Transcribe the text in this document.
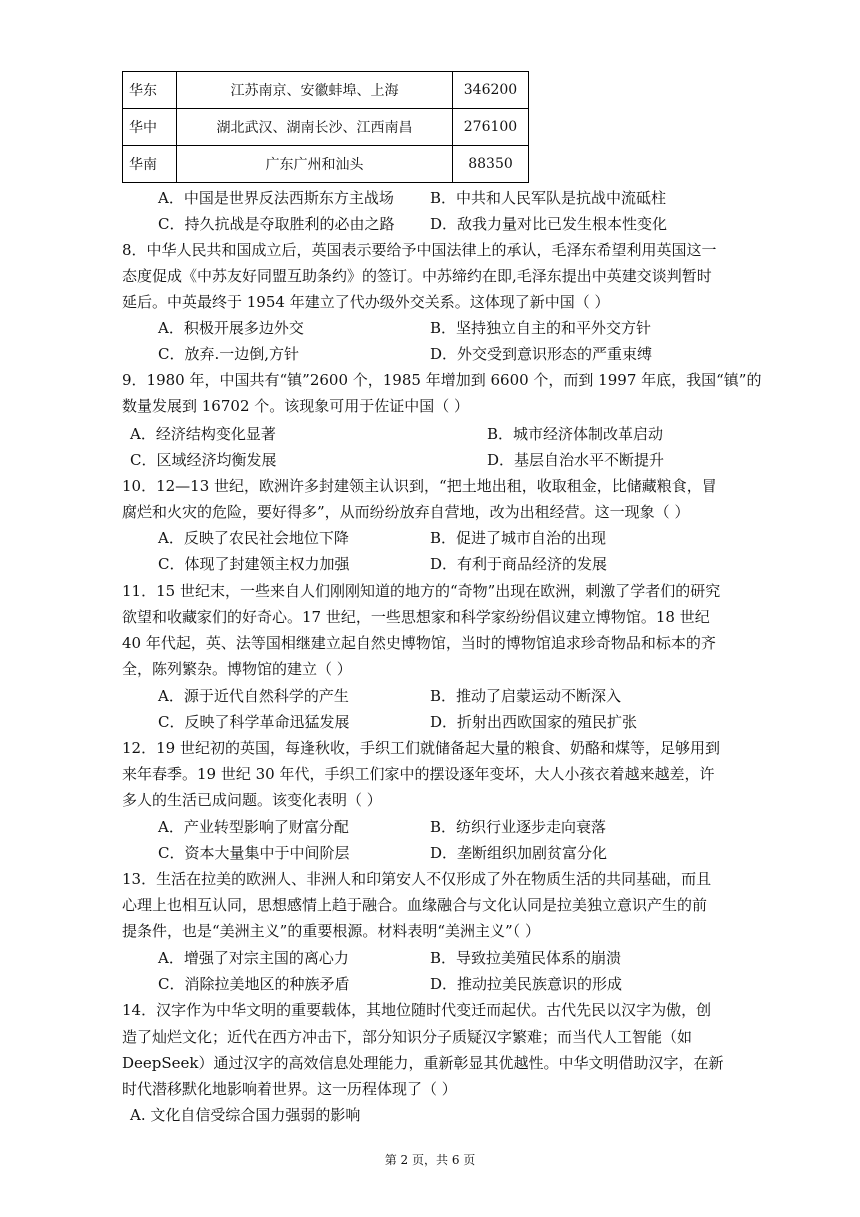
华东	江苏南京、安徽蚌埠、上海	346200
华中	湖北武汉、湖南长沙、江西南昌	276100
华南	广东广州和汕头	88350
A．中国是世界反法西斯东方主战场 B．中共和人民军队是抗战中流砥柱
C．持久抗战是夺取胜利的必由之路 D．敌我力量对比已发生根本性变化
8．中华人民共和国成立后，英国表示要给予中国法律上的承认，毛泽东希望利用英国这一
态度促成《中苏友好同盟互助条约》的签订。中苏缔约在即,毛泽东提出中英建交谈判暂时
延后。中英最终于 1954 年建立了代办级外交关系。这体现了新中国（ ）
A．积极开展多边外交	B．坚持独立自主的和平外交方针
C．放弃.一边倒,方针	D．外交受到意识形态的严重束缚
9．1980 年，中国共有“镇”2600 个，1985 年增加到 6600 个，而到 1997 年底，我国“镇”的
数量发展到 16702 个。该现象可用于佐证中国（ ）
A．经济结构变化显著	B．城市经济体制改革启动
C．区域经济均衡发展	D．基层自治水平不断提升
10．12—13 世纪，欧洲许多封建领主认识到，“把土地出租，收取租金，比储藏粮食，冒
腐烂和火灾的危险，要好得多”，从而纷纷放弃自营地，改为出租经营。这一现象（ ）
A．反映了农民社会地位下降	B．促进了城市自治的出现
C．体现了封建领主权力加强	D．有利于商品经济的发展
11．15 世纪末，一些来自人们刚刚知道的地方的“奇物”出现在欧洲，刺激了学者们的研究
欲望和收藏家们的好奇心。17 世纪，一些思想家和科学家纷纷倡议建立博物馆。18 世纪
40 年代起，英、法等国相继建立起自然史博物馆，当时的博物馆追求珍奇物品和标本的齐
全，陈列繁杂。博物馆的建立（ ）
A．源于近代自然科学的产生	B．推动了启蒙运动不断深入
C．反映了科学革命迅猛发展	D．折射出西欧国家的殖民扩张
12．19 世纪初的英国，每逢秋收，手织工们就储备起大量的粮食、奶酪和煤等，足够用到
来年春季。19 世纪 30 年代，手织工们家中的摆设逐年变坏，大人小孩衣着越来越差，许
多人的生活已成问题。该变化表明（ ）
A．产业转型影响了财富分配	B．纺织行业逐步走向衰落
C．资本大量集中于中间阶层	D．垄断组织加剧贫富分化
13．生活在拉美的欧洲人、非洲人和印第安人不仅形成了外在物质生活的共同基础，而且
心理上也相互认同，思想感情上趋于融合。血缘融合与文化认同是拉美独立意识产生的前
提条件，也是“美洲主义”的重要根源。材料表明“美洲主义”（ ）
A．增强了对宗主国的离心力	B．导致拉美殖民体系的崩溃
C．消除拉美地区的种族矛盾	D．推动拉美民族意识的形成
14．汉字作为中华文明的重要载体，其地位随时代变迁而起伏。古代先民以汉字为傲，创
造了灿烂文化；近代在西方冲击下，部分知识分子质疑汉字繁难；而当代人工智能（如
DeepSeek）通过汉字的高效信息处理能力，重新彰显其优越性。中华文明借助汉字，在新
时代潜移默化地影响着世界。这一历程体现了（ ）
A. 文化自信受综合国力强弱的影响
第 2 页，共 6 页
